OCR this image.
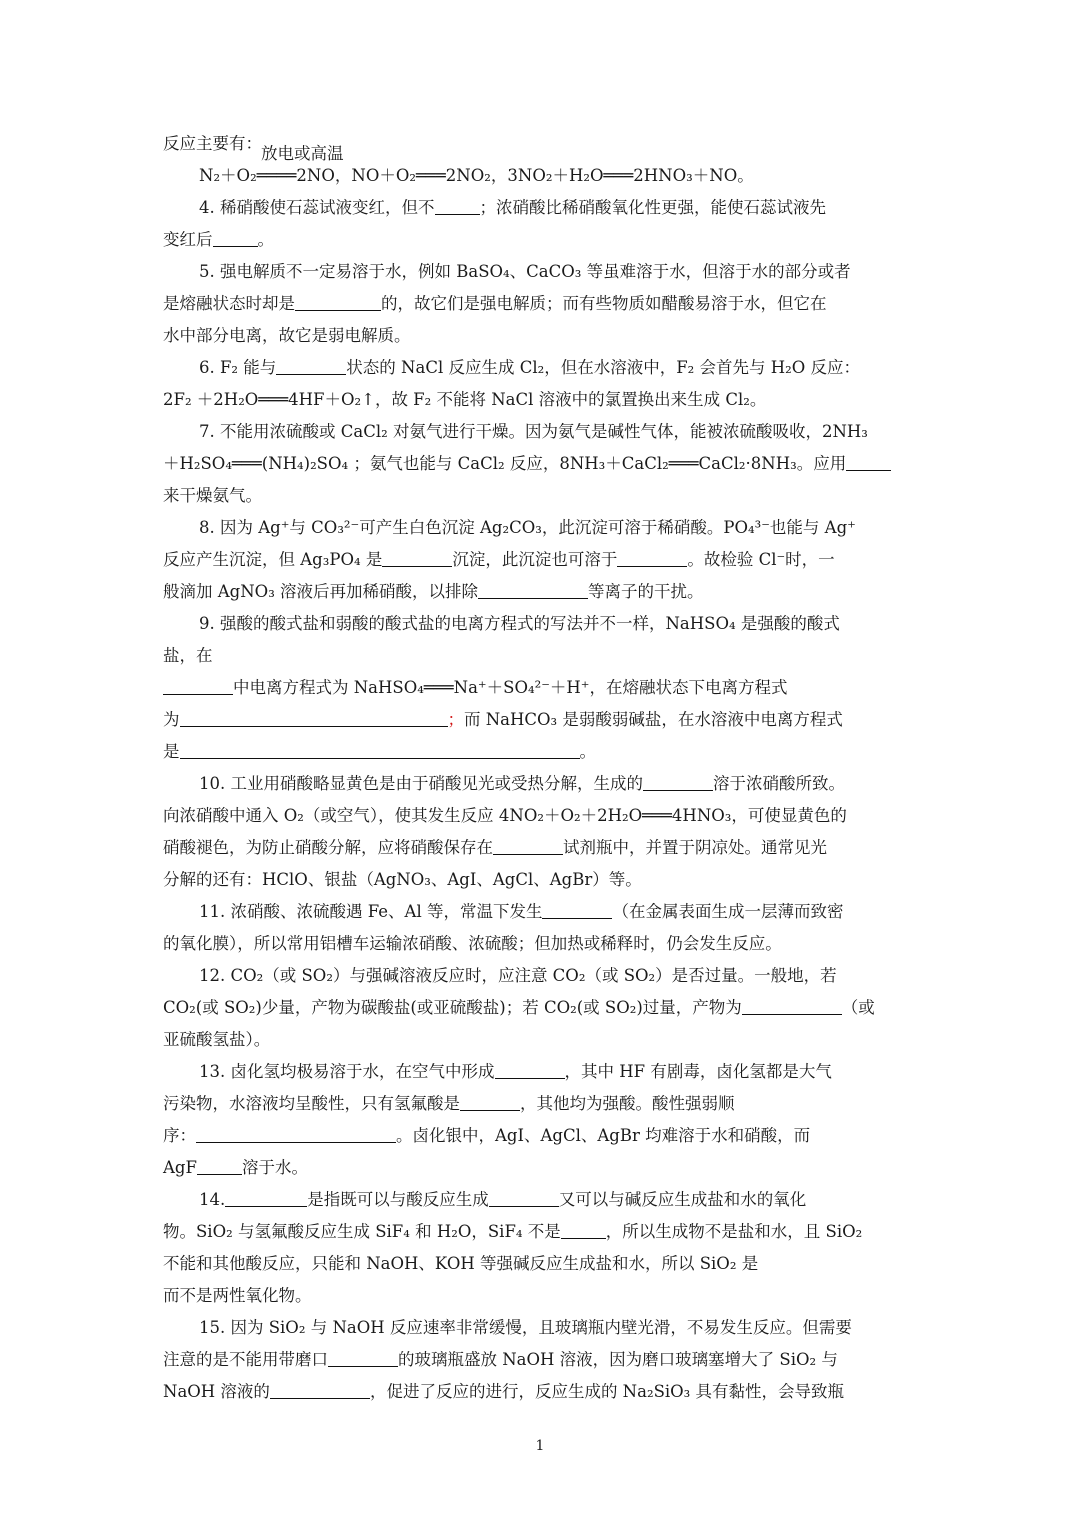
反应主要有：
N₂＋O₂═══
放电或高温
═2NO，NO＋O₂═══2NO₂，3NO₂＋H₂O═══2HNO₃＋NO。
4. 稀硝酸使石蕊试液变红，但不	；浓硝酸比稀硝酸氧化性更强，能使石蕊试液先
变红后	。
5. 强电解质不一定易溶于水，例如 BaSO₄、CaCO₃ 等虽难溶于水，但溶于水的部分或者
是熔融状态时却是	的，故它们是强电解质；而有些物质如醋酸易溶于水，但它在
水中部分电离，故它是弱电解质。
6. F₂ 能与	状态的 NaCl 反应生成 Cl₂，但在水溶液中，F₂ 会首先与 H₂O 反应：
2F₂ ＋2H₂O═══4HF＋O₂↑，故 F₂ 不能将 NaCl 溶液中的氯置换出来生成 Cl₂。
7. 不能用浓硫酸或 CaCl₂ 对氨气进行干燥。因为氨气是碱性气体，能被浓硫酸吸收，2NH₃
＋H₂SO₄═══(NH₄)₂SO₄ ；氨气也能与 CaCl₂ 反应，8NH₃＋CaCl₂═══CaCl₂·8NH₃。应用
来干燥氨气。
8. 因为 Ag⁺与 CO₃²⁻可产生白色沉淀 Ag₂CO₃，此沉淀可溶于稀硝酸。PO₄³⁻也能与 Ag⁺
反应产生沉淀，但 Ag₃PO₄ 是	沉淀，此沉淀也可溶于	。故检验 Cl⁻时，一
般滴加 AgNO₃ 溶液后再加稀硝酸，以排除	等离子的干扰。
9. 强酸的酸式盐和弱酸的酸式盐的电离方程式的写法并不一样，NaHSO₄ 是强酸的酸式
盐，在
中电离方程式为 NaHSO₄═══Na⁺＋SO₄²⁻＋H⁺，在熔融状态下电离方程式
为	；而 NaHCO₃ 是弱酸弱碱盐，在水溶液中电离方程式
是	。
10. 工业用硝酸略显黄色是由于硝酸见光或受热分解，生成的	溶于浓硝酸所致。
向浓硝酸中通入 O₂（或空气），使其发生反应 4NO₂＋O₂＋2H₂O═══4HNO₃，可使显黄色的
硝酸褪色，为防止硝酸分解，应将硝酸保存在	试剂瓶中，并置于阴凉处。通常见光
分解的还有：HClO、银盐（AgNO₃、AgI、AgCl、AgBr）等。
11. 浓硝酸、浓硫酸遇 Fe、Al 等，常温下发生	（在金属表面生成一层薄而致密
的氧化膜），所以常用铝槽车运输浓硝酸、浓硫酸；但加热或稀释时，仍会发生反应。
12. CO₂（或 SO₂）与强碱溶液反应时，应注意 CO₂（或 SO₂）是否过量。一般地，若
CO₂(或 SO₂)少量，产物为碳酸盐(或亚硫酸盐)；若 CO₂(或 SO₂)过量，产物为	（或
亚硫酸氢盐）。
13. 卤化氢均极易溶于水，在空气中形成	，其中 HF 有剧毒，卤化氢都是大气
污染物，水溶液均呈酸性，只有氢氟酸是	，其他均为强酸。酸性强弱顺
序：	。卤化银中，AgI、AgCl、AgBr 均难溶于水和硝酸，而
AgF	溶于水。
14.	是指既可以与酸反应生成	又可以与碱反应生成盐和水的氧化
物。SiO₂ 与氢氟酸反应生成 SiF₄ 和 H₂O，SiF₄ 不是	，所以生成物不是盐和水，且 SiO₂
不能和其他酸反应，只能和 NaOH、KOH 等强碱反应生成盐和水，所以 SiO₂ 是
而不是两性氧化物。
15. 因为 SiO₂ 与 NaOH 反应速率非常缓慢，且玻璃瓶内壁光滑，不易发生反应。但需要
注意的是不能用带磨口	的玻璃瓶盛放 NaOH 溶液，因为磨口玻璃塞增大了 SiO₂ 与
NaOH 溶液的	，促进了反应的进行，反应生成的 Na₂SiO₃ 具有黏性，会导致瓶
1
